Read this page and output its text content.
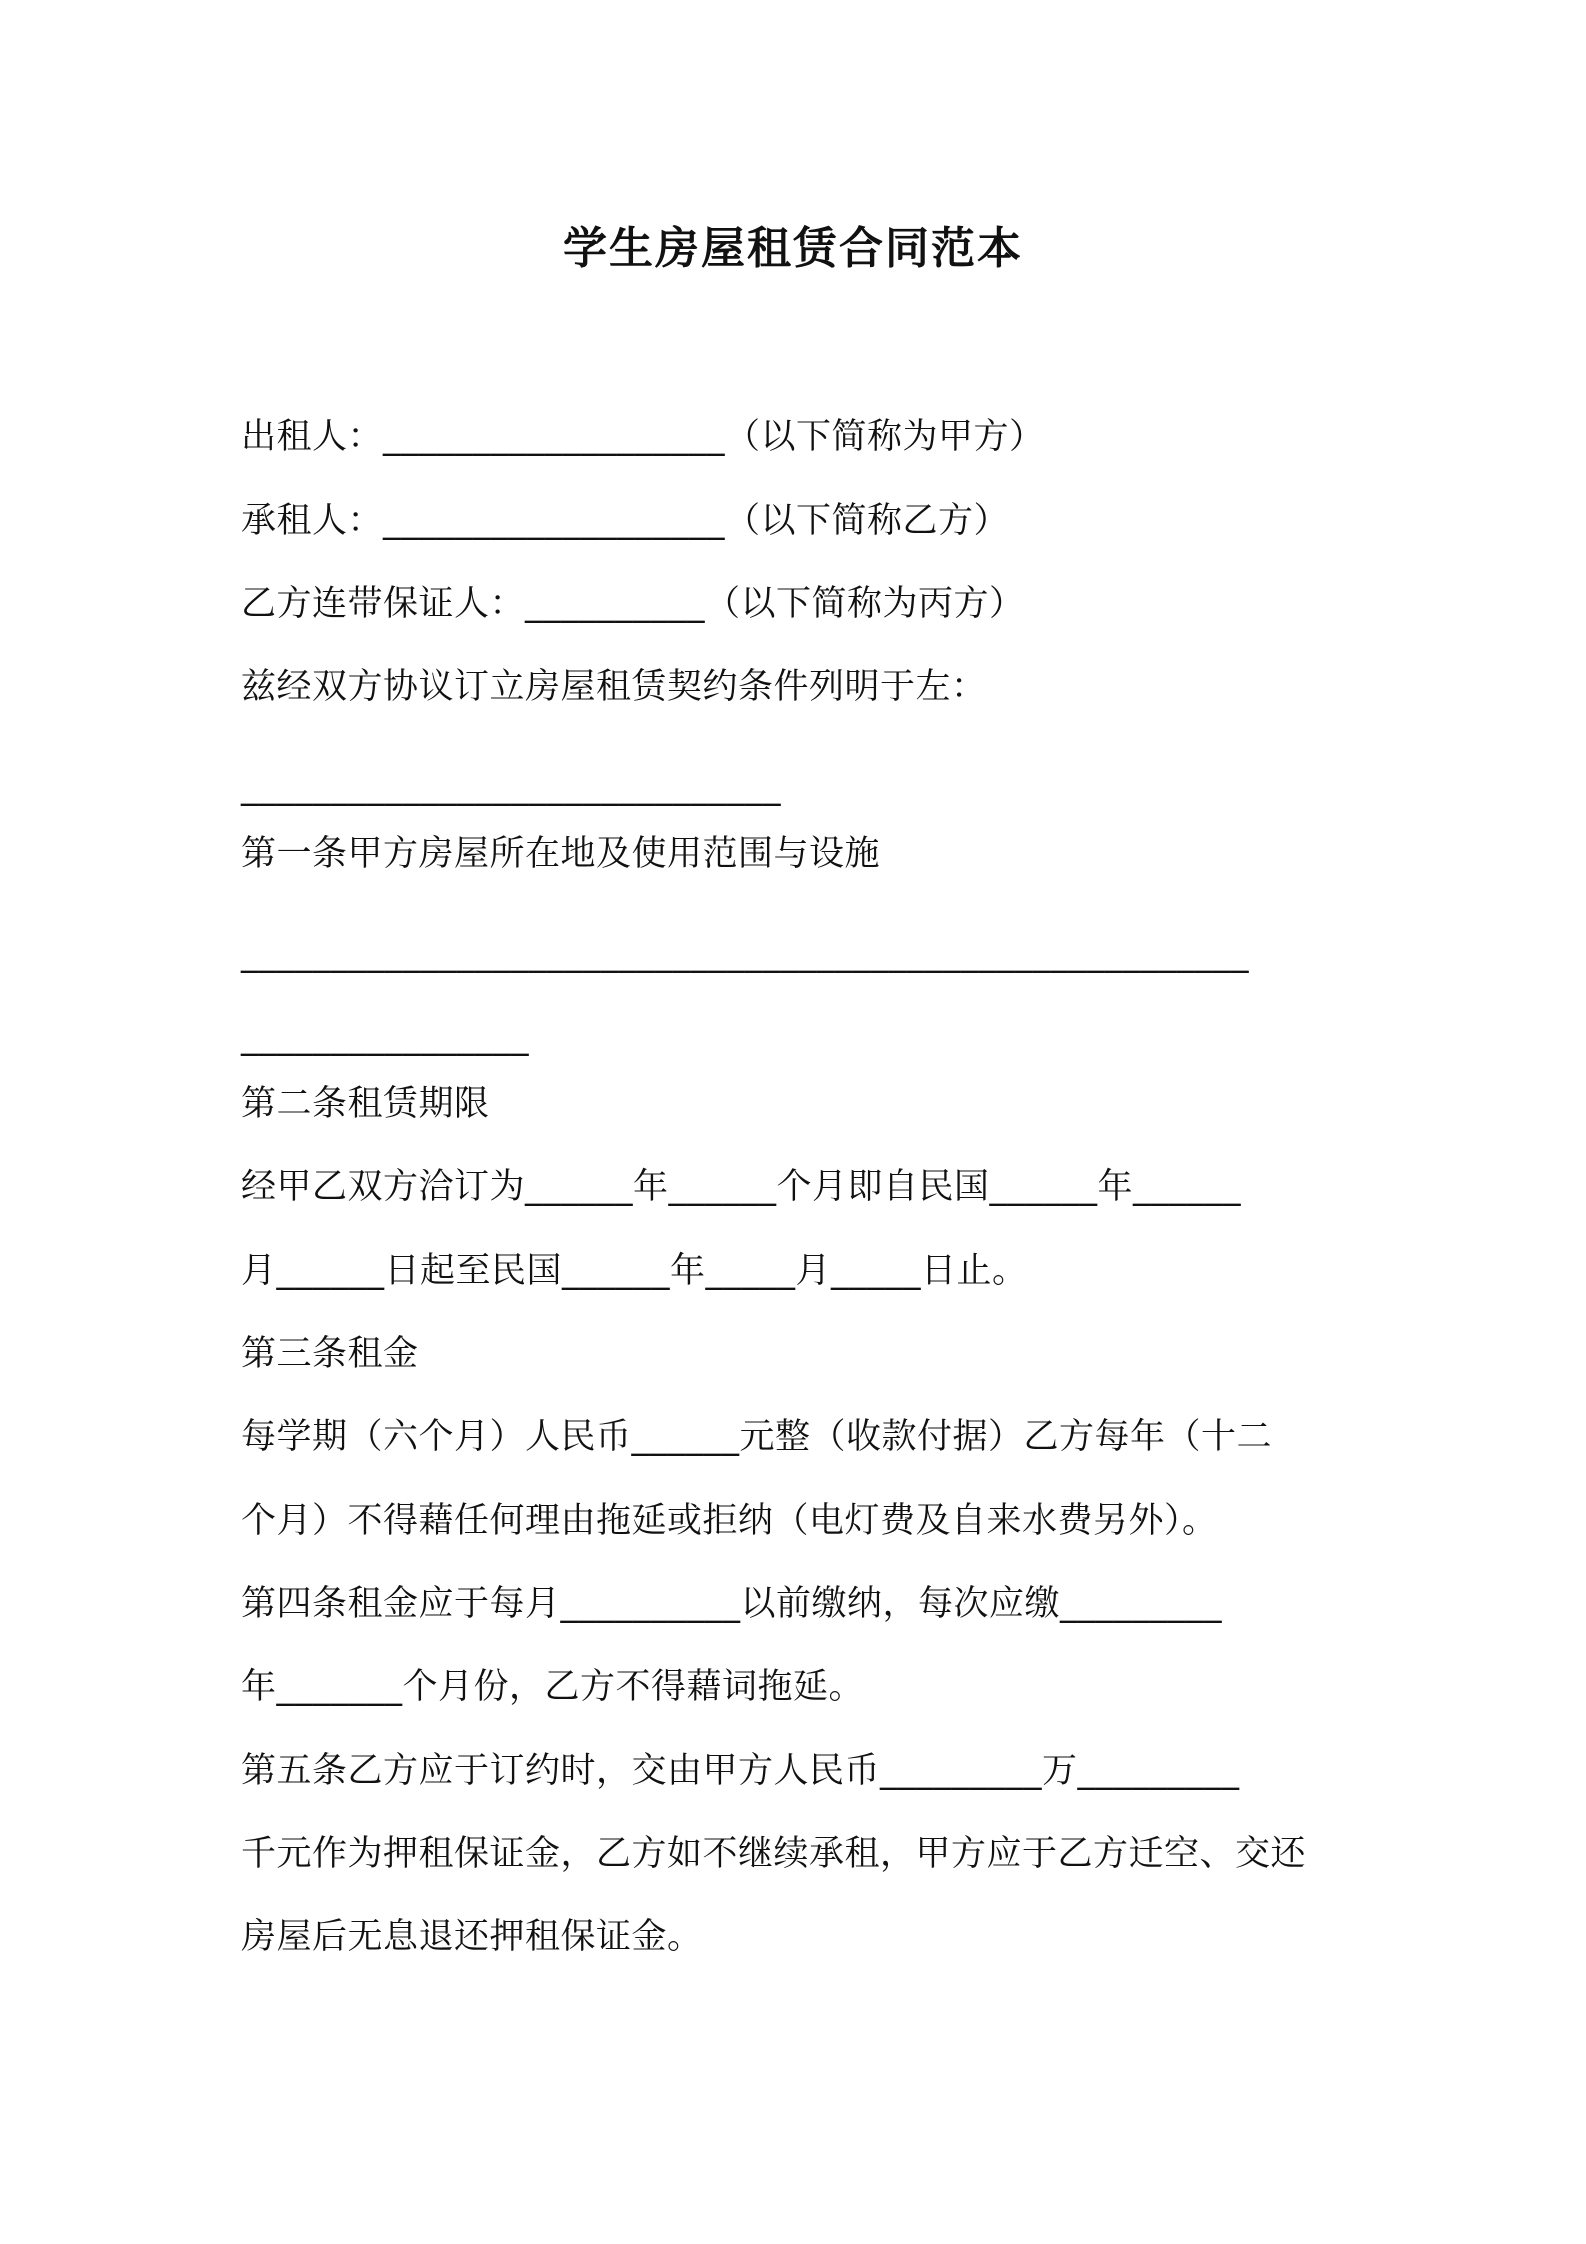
学生房屋租赁合同范本

出租人：___________________（以下简称为甲方）

承租人：___________________（以下简称乙方）

乙方连带保证人：__________（以下简称为丙方）

兹经双方协议订立房屋租赁契约条件列明于左：

______________________________

第一条甲方房屋所在地及使用范围与设施

________________________________________________________

________________

第二条租赁期限

经甲乙双方洽订为______年______个月即自民国______年______

月______日起至民国______年_____月_____日止。

第三条租金

每学期（六个月）人民币______元整（收款付据）乙方每年（十二

个月）不得藉任何理由拖延或拒纳（电灯费及自来水费另外）。

第四条租金应于每月__________以前缴纳，每次应缴_________

年_______个月份，乙方不得藉词拖延。

第五条乙方应于订约时，交由甲方人民币_________万_________

千元作为押租保证金，乙方如不继续承租，甲方应于乙方迁空、交还

房屋后无息退还押租保证金。
